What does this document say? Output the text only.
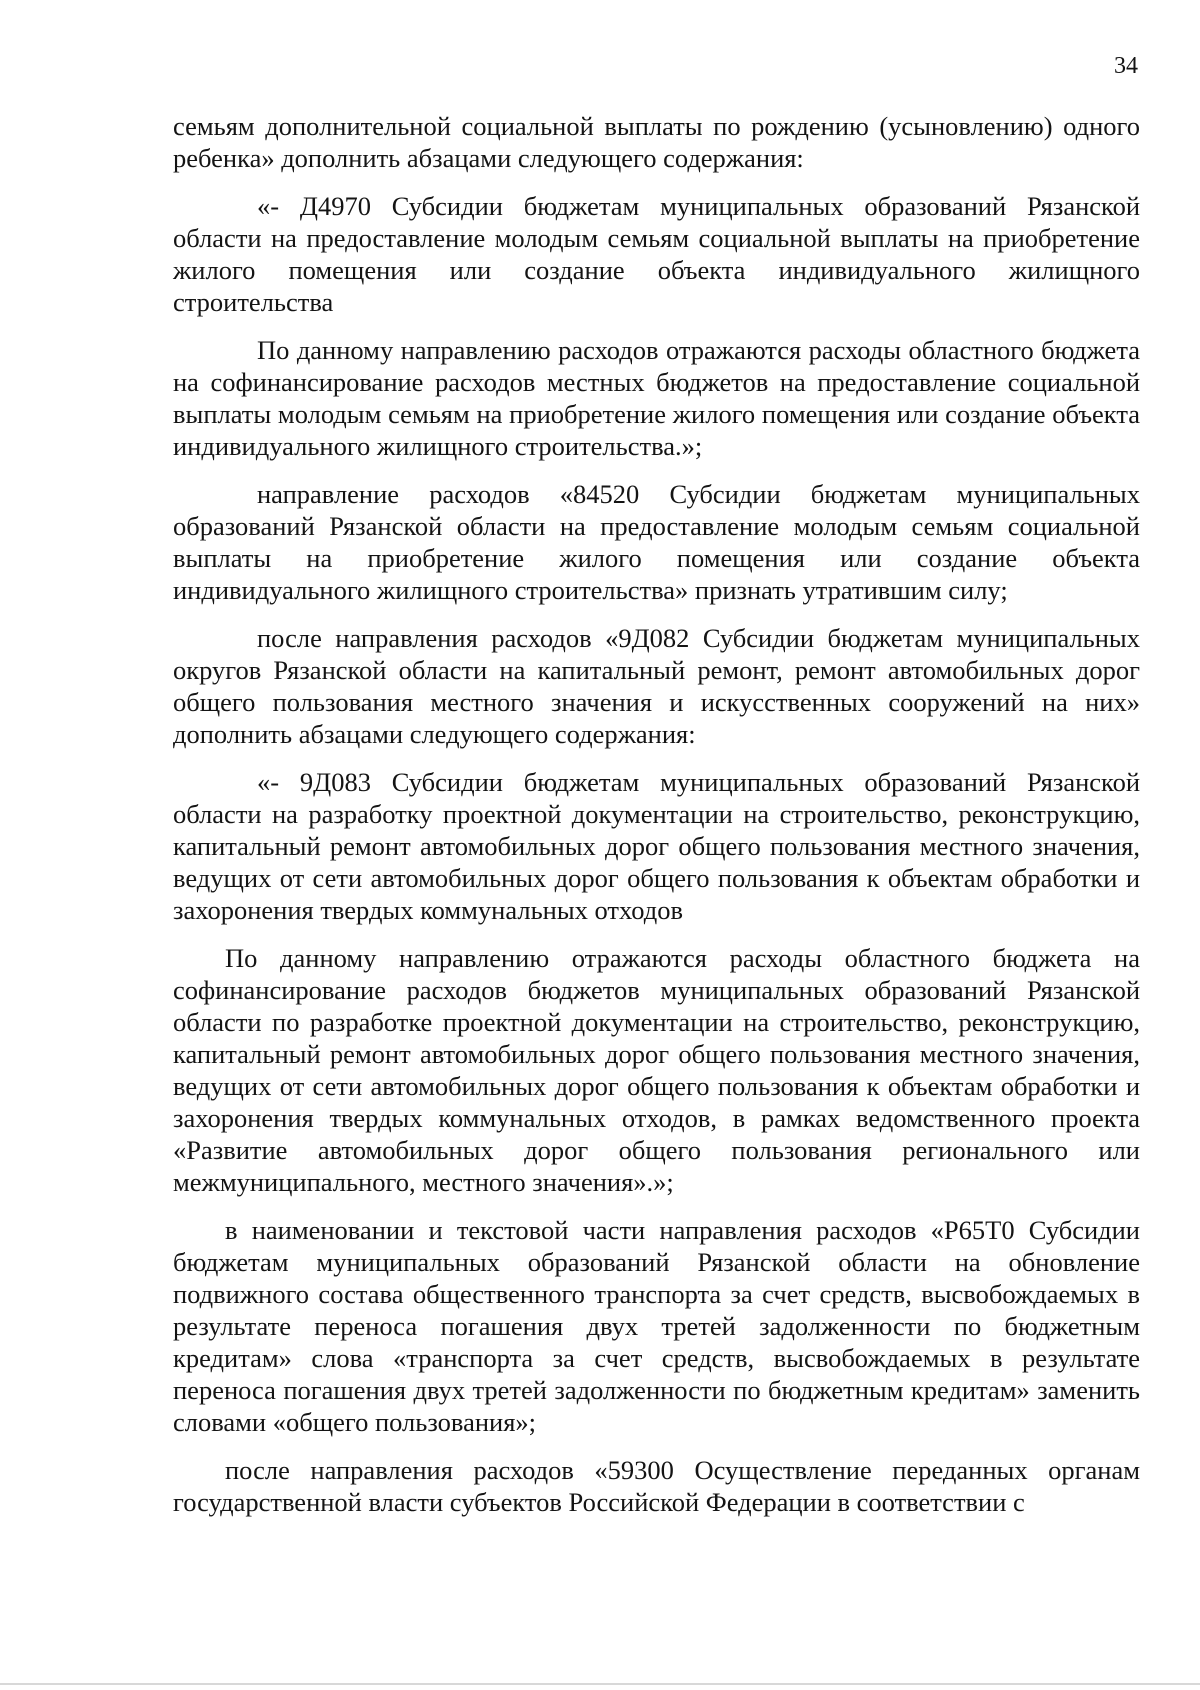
34

семьям дополнительной социальной выплаты по рождению (усыновлению) одного ребенка» дополнить абзацами следующего содержания:

«- Д4970 Субсидии бюджетам муниципальных образований Рязанской области на предоставление молодым семьям социальной выплаты на приобретение жилого помещения или создание объекта индивидуального жилищного строительства

По данному направлению расходов отражаются расходы областного бюджета на софинансирование расходов местных бюджетов на предоставление социальной выплаты молодым семьям на приобретение жилого помещения или создание объекта индивидуального жилищного строительства.»;

направление расходов «84520 Субсидии бюджетам муниципальных образований Рязанской области на предоставление молодым семьям социальной выплаты на приобретение жилого помещения или создание объекта индивидуального жилищного строительства» признать утратившим силу;

после направления расходов «9Д082 Субсидии бюджетам муниципальных округов Рязанской области на капитальный ремонт, ремонт автомобильных дорог общего пользования местного значения и искусственных сооружений на них» дополнить абзацами следующего содержания:

«- 9Д083 Субсидии бюджетам муниципальных образований Рязанской области на разработку проектной документации на строительство, реконструкцию, капитальный ремонт автомобильных дорог общего пользования местного значения, ведущих от сети автомобильных дорог общего пользования к объектам обработки и захоронения твердых коммунальных отходов

По данному направлению отражаются расходы областного бюджета на софинансирование расходов бюджетов муниципальных образований Рязанской области по разработке проектной документации на строительство, реконструкцию, капитальный ремонт автомобильных дорог общего пользования местного значения, ведущих от сети автомобильных дорог общего пользования к объектам обработки и захоронения твердых коммунальных отходов, в рамках ведомственного проекта «Развитие автомобильных дорог общего пользования регионального или межмуниципального, местного значения».»;

в наименовании и текстовой части направления расходов «Р65Т0 Субсидии бюджетам муниципальных образований Рязанской области на обновление подвижного состава общественного транспорта за счет средств, высвобождаемых в результате переноса погашения двух третей задолженности по бюджетным кредитам» слова «транспорта за счет средств, высвобождаемых в результате переноса погашения двух третей задолженности по бюджетным кредитам» заменить словами «общего пользования»;

после направления расходов «59300 Осуществление переданных органам государственной власти субъектов Российской Федерации в соответствии с
